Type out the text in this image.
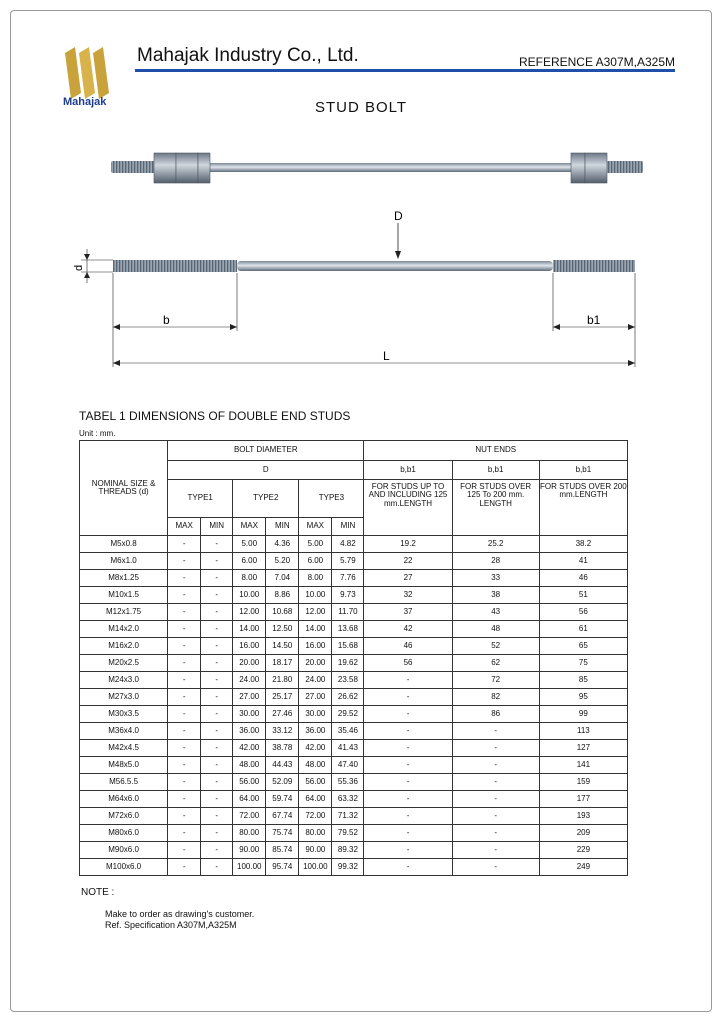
Mahajak
Mahajak Industry Co., Ltd.	REFERENCE A307M,A325M
STUD BOLT
D
d
b	b1
L
TABEL 1 DIMENSIONS OF DOUBLE END STUDS
Unit : mm.
NOMINAL SIZE & THREADS (d)	BOLT DIAMETER						NUT ENDS		
	D						b,b1	b,b1	b,b1
	TYPE1		TYPE2		TYPE3		FOR STUDS UP TO AND INCLUDING 125 mm.LENGTH	FOR STUDS OVER 125 To 200 mm. LENGTH	FOR STUDS OVER 200 mm.LENGTH
	MAX	MIN	MAX	MIN	MAX	MIN			
M5x0.8	-	-	5.00	4.36	5.00	4.82	19.2	25.2	38.2
M6x1.0	-	-	6.00	5.20	6.00	5.79	22	28	41
M8x1.25	-	-	8.00	7.04	8.00	7.76	27	33	46
M10x1.5	-	-	10.00	8.86	10.00	9.73	32	38	51
M12x1.75	-	-	12.00	10.68	12.00	11.70	37	43	56
M14x2.0	-	-	14.00	12.50	14.00	13.68	42	48	61
M16x2.0	-	-	16.00	14.50	16.00	15.68	46	52	65
M20x2.5	-	-	20.00	18.17	20.00	19.62	56	62	75
M24x3.0	-	-	24.00	21.80	24.00	23.58	-	72	85
M27x3.0	-	-	27.00	25.17	27.00	26.62	-	82	95
M30x3.5	-	-	30.00	27.46	30.00	29.52	-	86	99
M36x4.0	-	-	36.00	33.12	36.00	35.46	-	-	113
M42x4.5	-	-	42.00	38.78	42.00	41.43	-	-	127
M48x5.0	-	-	48.00	44.43	48.00	47.40	-	-	141
M56.5.5	-	-	56.00	52.09	56.00	55.36	-	-	159
M64x6.0	-	-	64.00	59.74	64.00	63.32	-	-	177
M72x6.0	-	-	72.00	67.74	72.00	71.32	-	-	193
M80x6.0	-	-	80.00	75.74	80.00	79.52	-	-	209
M90x6.0	-	-	90.00	85.74	90.00	89.32	-	-	229
M100x6.0	-	-	100.00	95.74	100.00	99.32	-	-	249
NOTE :
Make to order as drawing's customer.
Ref. Specification A307M,A325M
